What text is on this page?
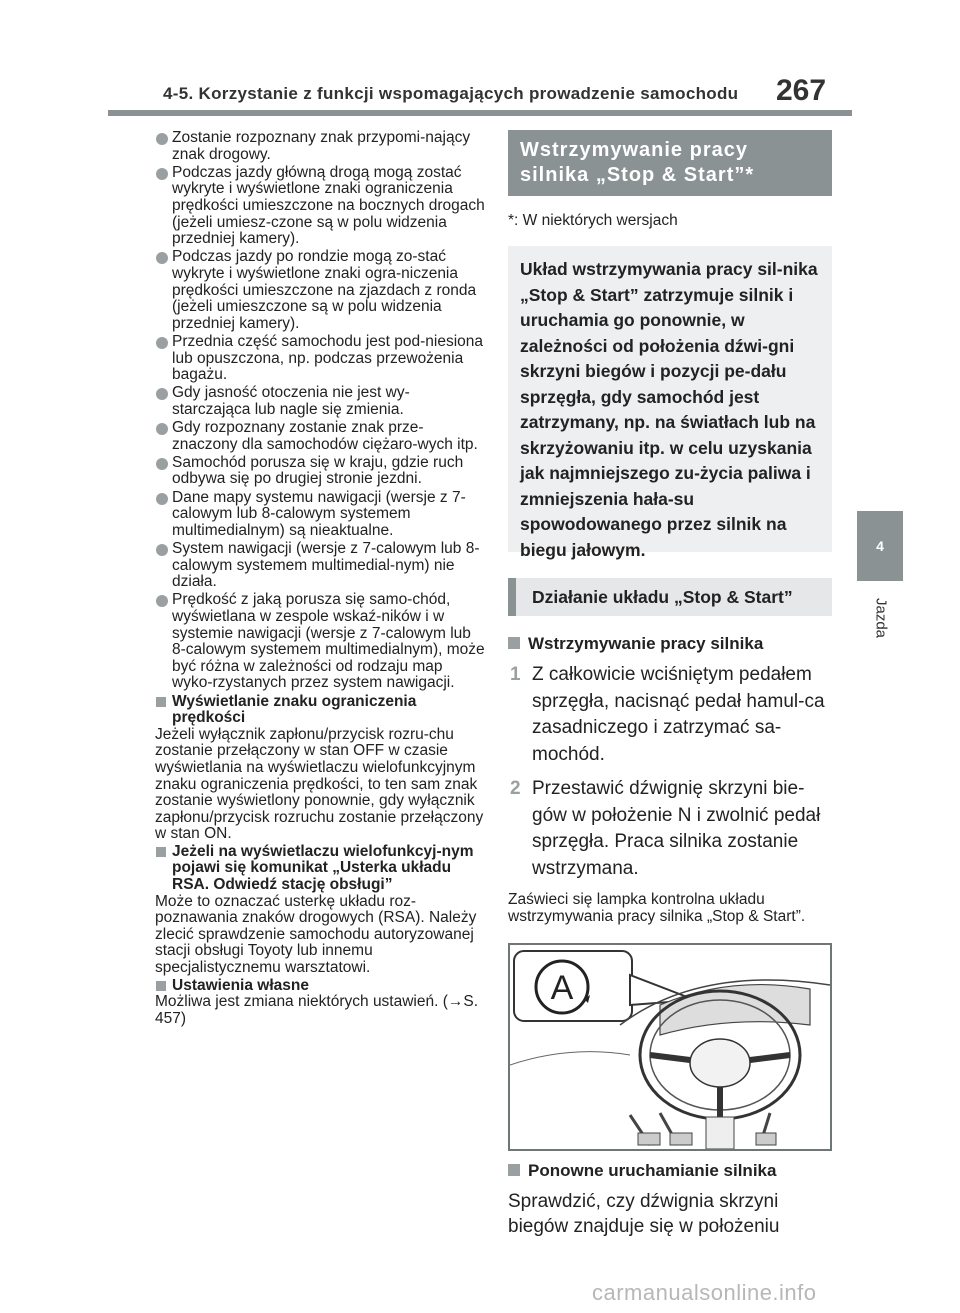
4-5. Korzystanie z funkcji wspomagających prowadzenie samochodu 267
4
Jazda
Zostanie rozpoznany znak przypomi-nający znak drogowy.
Podczas jazdy główną drogą mogą zostać wykryte i wyświetlone znaki ograniczenia prędkości umieszczone na bocznych drogach (jeżeli umiesz-czone są w polu widzenia przedniej kamery).
Podczas jazdy po rondzie mogą zo-stać wykryte i wyświetlone znaki ogra-niczenia prędkości umieszczone na zjazdach z ronda (jeżeli umieszczone są w polu widzenia przedniej kamery).
Przednia część samochodu jest pod-niesiona lub opuszczona, np. podczas przewożenia bagażu.
Gdy jasność otoczenia nie jest wy-starczająca lub nagle się zmienia.
Gdy rozpoznany zostanie znak prze-znaczony dla samochodów ciężaro-wych itp.
Samochód porusza się w kraju, gdzie ruch odbywa się po drugiej stronie jezdni.
Dane mapy systemu nawigacji (wersje z 7-calowym lub 8-calowym systemem multimedialnym) są nieaktualne.
System nawigacji (wersje z 7-calowym lub 8-calowym systemem multimedial-nym) nie działa.
Prędkość z jaką porusza się samo-chód, wyświetlana w zespole wskaź-ników i w systemie nawigacji (wersje z 7-calowym lub 8-calowym systemem multimedialnym), może być różna w zależności od rodzaju map wyko-rzystanych przez system nawigacji.
Wyświetlanie znaku ograniczenia prędkości
Jeżeli wyłącznik zapłonu/przycisk rozru-chu zostanie przełączony w stan OFF w czasie wyświetlania na wyświetlaczu wielofunkcyjnym znaku ograniczenia prędkości, to ten sam znak zostanie wyświetlony ponownie, gdy wyłącznik zapłonu/przycisk rozruchu zostanie przełączony w stan ON.
Jeżeli na wyświetlaczu wielofunkcyj-nym pojawi się komunikat „Usterka układu RSA. Odwiedź stację obsługi”
Może to oznaczać usterkę układu roz-poznawania znaków drogowych (RSA). Należy zlecić sprawdzenie samochodu autoryzowanej stacji obsługi Toyoty lub innemu specjalistycznemu warsztatowi.
Ustawienia własne
Możliwa jest zmiana niektórych ustawień. (→S. 457)
Wstrzymywanie pracy silnika „Stop & Start”*
*: W niektórych wersjach
Układ wstrzymywania pracy sil-nika „Stop & Start” zatrzymuje silnik i uruchamia go ponownie, w zależności od położenia dźwi-gni skrzyni biegów i pozycji pe-dału sprzęgła, gdy samochód jest zatrzymany, np. na światłach lub na skrzyżowaniu itp. w celu uzyskania jak najmniejszego zu-życia paliwa i zmniejszenia hała-su spowodowanego przez silnik na biegu jałowym.
Działanie układu „Stop & Start”
Wstrzymywanie pracy silnika
1 Z całkowicie wciśniętym pedałem sprzęgła, nacisnąć pedał hamul-ca zasadniczego i zatrzymać sa-mochód.
2 Przestawić dźwignię skrzyni bie-gów w położenie N i zwolnić pedał sprzęgła. Praca silnika zostanie wstrzymana.
Zaświeci się lampka kontrolna układu wstrzymywania pracy silnika „Stop & Start”.
A
Ponowne uruchamianie silnika
Sprawdzić, czy dźwignia skrzyni biegów znajduje się w położeniu
carmanualsonline.info
